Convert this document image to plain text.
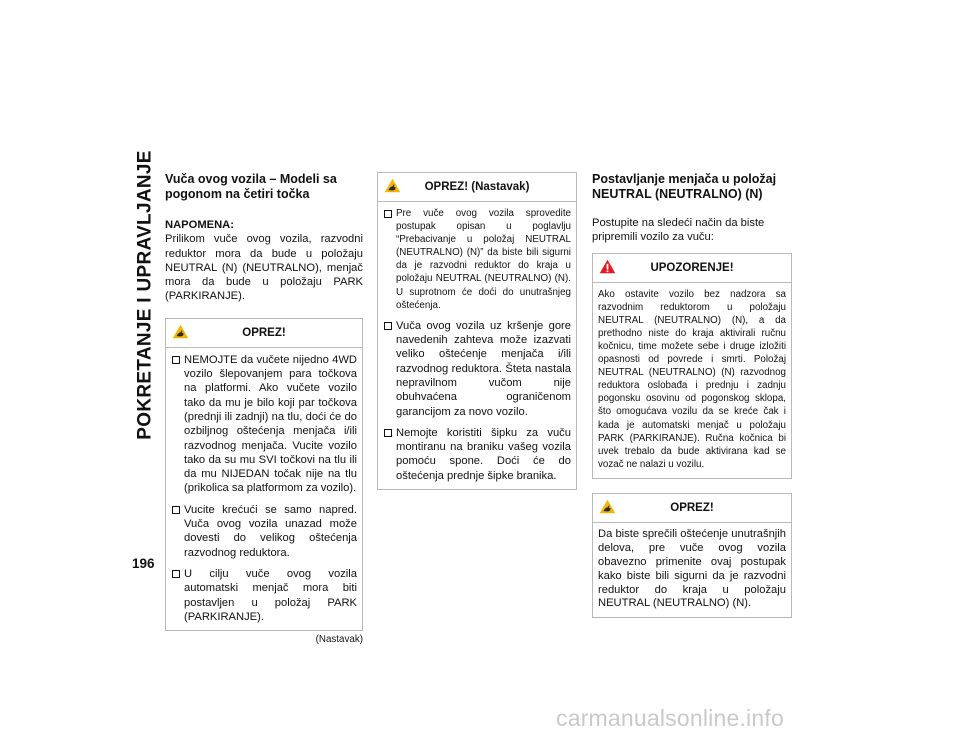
POKRETANJE I UPRAVLJANJE
196
Vuča ovog vozila – Modeli sa pogonom na četiri točka
NAPOMENA:

Prilikom vuče ovog vozila, razvodni reduktor mora da bude u položaju NEUTRAL (N) (NEUTRALNO), menjač mora da bude u položaju PARK (PARKIRANJE).

OPREZ!
NEMOJTE da vučete nijedno 4WD vozilo šlepovanjem para točkova na platformi. Ako vučete vozilo tako da mu je bilo koji par točkova (prednji ili zadnji) na tlu, doći će do ozbiljnog oštećenja menjača i/ili razvodnog menjača. Vucite vozilo tako da su mu SVI točkovi na tlu ili da mu NIJEDAN točak nije na tlu (prikolica sa platformom za vozilo).
Vucite krećući se samo napred. Vuča ovog vozila unazad može dovesti do velikog oštećenja razvodnog reduktora.
U cilju vuče ovog vozila automatski menjač mora biti postavljen u položaj PARK (PARKIRANJE).
(Nastavak)
OPREZ! (Nastavak)
Pre vuče ovog vozila sprovedite postupak opisan u poglavlju “Prebacivanje u položaj NEUTRAL (NEUTRALNO) (N)” da biste bili sigurni da je razvodni reduktor do kraja u položaju NEUTRAL (NEUTRALNO) (N). U suprotnom će doći do unutrašnjeg oštećenja.
Vuča ovog vozila uz kršenje gore navedenih zahteva može izazvati veliko oštećenje menjača i/ili razvodnog reduktora. Šteta nastala nepravilnom vučom nije obuhvaćena ograničenom garancijom za novo vozilo.
Nemojte koristiti šipku za vuču montiranu na braniku vašeg vozila pomoću spone. Doći će do oštećenja prednje šipke branika.
Postavljanje menjača u položaj NEUTRAL (NEUTRALNO) (N)

Postupite na sledeći način da biste pripremili vozilo za vuču:

UPOZORENJE!
Ako ostavite vozilo bez nadzora sa razvodnim reduktorom u položaju NEUTRAL (NEUTRALNO) (N), a da prethodno niste do kraja aktivirali ručnu kočnicu, time možete sebe i druge izložiti opasnosti od povrede i smrti. Položaj NEUTRAL (NEUTRALNO) (N) razvodnog reduktora oslobađa i prednju i zadnju pogonsku osovinu od pogonskog sklopa, što omogućava vozilu da se kreće čak i kada je automatski menjač u položaju PARK (PARKIRANJE). Ručna kočnica bi uvek trebalo da bude aktivirana kad se vozač ne nalazi u vozilu.
OPREZ!
Da biste sprečili oštećenje unutrašnjih delova, pre vuče ovog vozila obavezno primenite ovaj postupak kako biste bili sigurni da je razvodni reduktor do kraja u položaju NEUTRAL (NEUTRALNO) (N).
carmanualsonline.info
